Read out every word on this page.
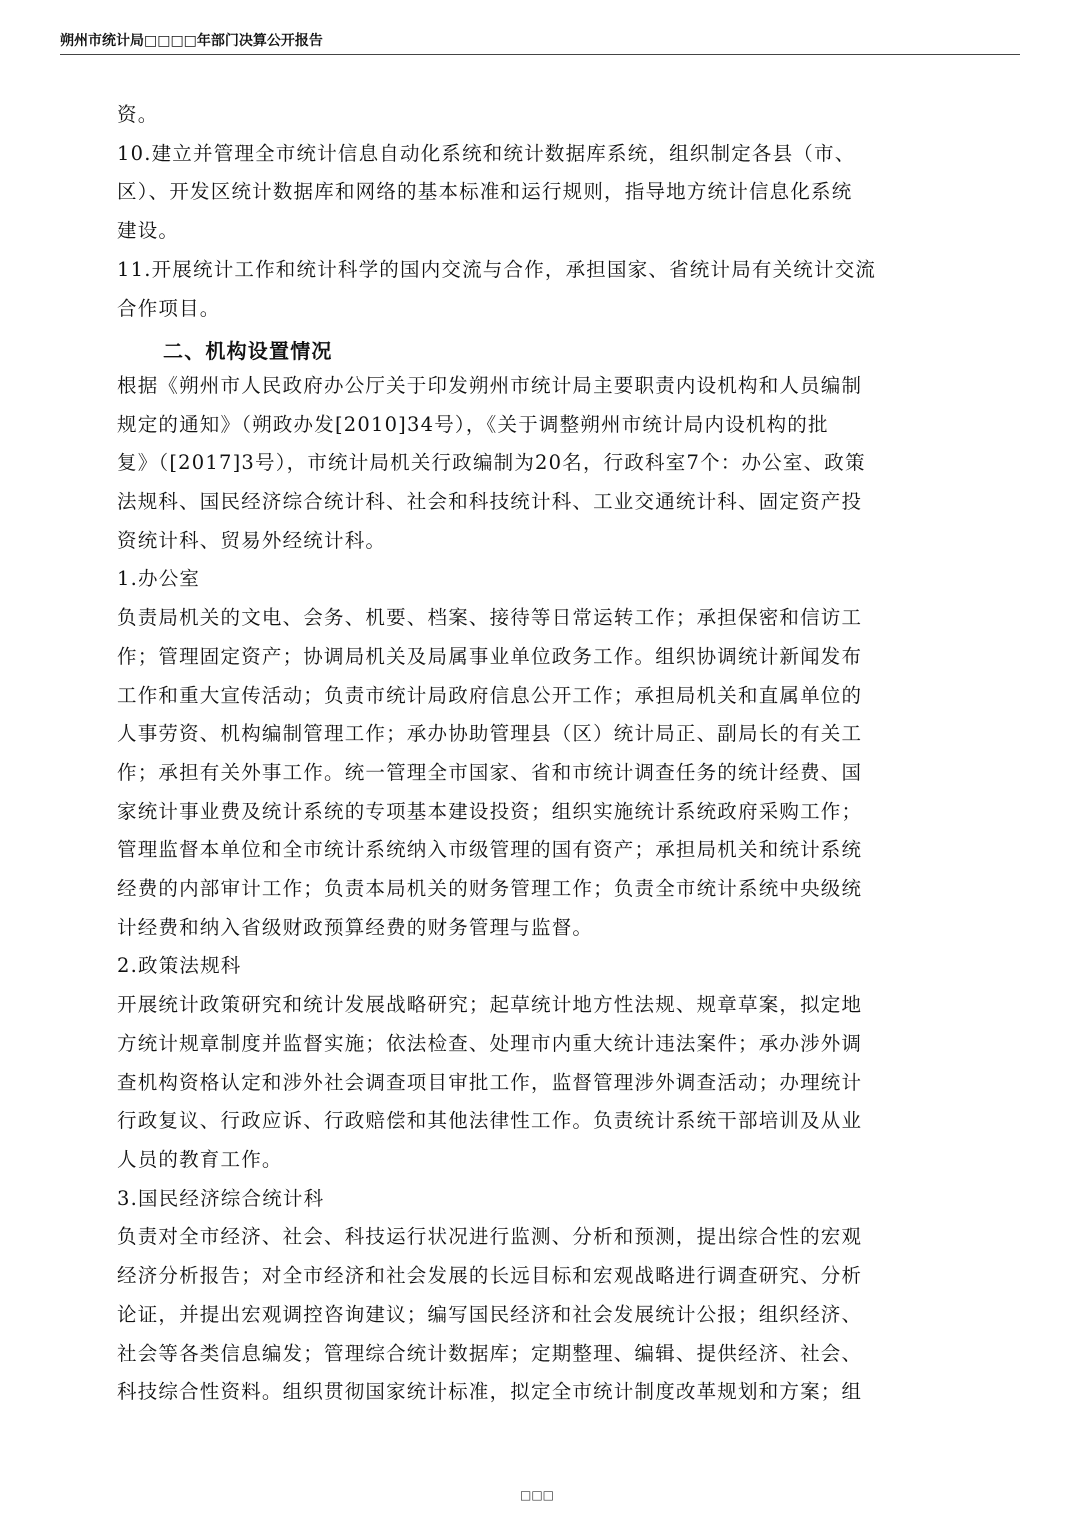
朔州市统计局□□□□年部门决算公开报告
资。
10.建立并管理全市统计信息自动化系统和统计数据库系统，组织制定各县（市、
区）、开发区统计数据库和网络的基本标准和运行规则，指导地方统计信息化系统
建设。
11.开展统计工作和统计科学的国内交流与合作，承担国家、省统计局有关统计交流
合作项目。
二、机构设置情况
根据《朔州市人民政府办公厅关于印发朔州市统计局主要职责内设机构和人员编制
规定的通知》（朔政办发[2010]34号），《关于调整朔州市统计局内设机构的批
复》（[2017]3号），市统计局机关行政编制为20名，行政科室7个：办公室、政策
法规科、国民经济综合统计科、社会和科技统计科、工业交通统计科、固定资产投
资统计科、贸易外经统计科。
1.办公室
负责局机关的文电、会务、机要、档案、接待等日常运转工作；承担保密和信访工
作；管理固定资产；协调局机关及局属事业单位政务工作。组织协调统计新闻发布
工作和重大宣传活动；负责市统计局政府信息公开工作；承担局机关和直属单位的
人事劳资、机构编制管理工作；承办协助管理县（区）统计局正、副局长的有关工
作；承担有关外事工作。统一管理全市国家、省和市统计调查任务的统计经费、国
家统计事业费及统计系统的专项基本建设投资；组织实施统计系统政府采购工作；
管理监督本单位和全市统计系统纳入市级管理的国有资产；承担局机关和统计系统
经费的内部审计工作；负责本局机关的财务管理工作；负责全市统计系统中央级统
计经费和纳入省级财政预算经费的财务管理与监督。
2.政策法规科
开展统计政策研究和统计发展战略研究；起草统计地方性法规、规章草案，拟定地
方统计规章制度并监督实施；依法检查、处理市内重大统计违法案件；承办涉外调
查机构资格认定和涉外社会调查项目审批工作，监督管理涉外调查活动；办理统计
行政复议、行政应诉、行政赔偿和其他法律性工作。负责统计系统干部培训及从业
人员的教育工作。
3.国民经济综合统计科
负责对全市经济、社会、科技运行状况进行监测、分析和预测，提出综合性的宏观
经济分析报告；对全市经济和社会发展的长远目标和宏观战略进行调查研究、分析
论证，并提出宏观调控咨询建议；编写国民经济和社会发展统计公报；组织经济、
社会等各类信息编发；管理综合统计数据库；定期整理、编辑、提供经济、社会、
科技综合性资料。组织贯彻国家统计标准，拟定全市统计制度改革规划和方案；组
□□□
